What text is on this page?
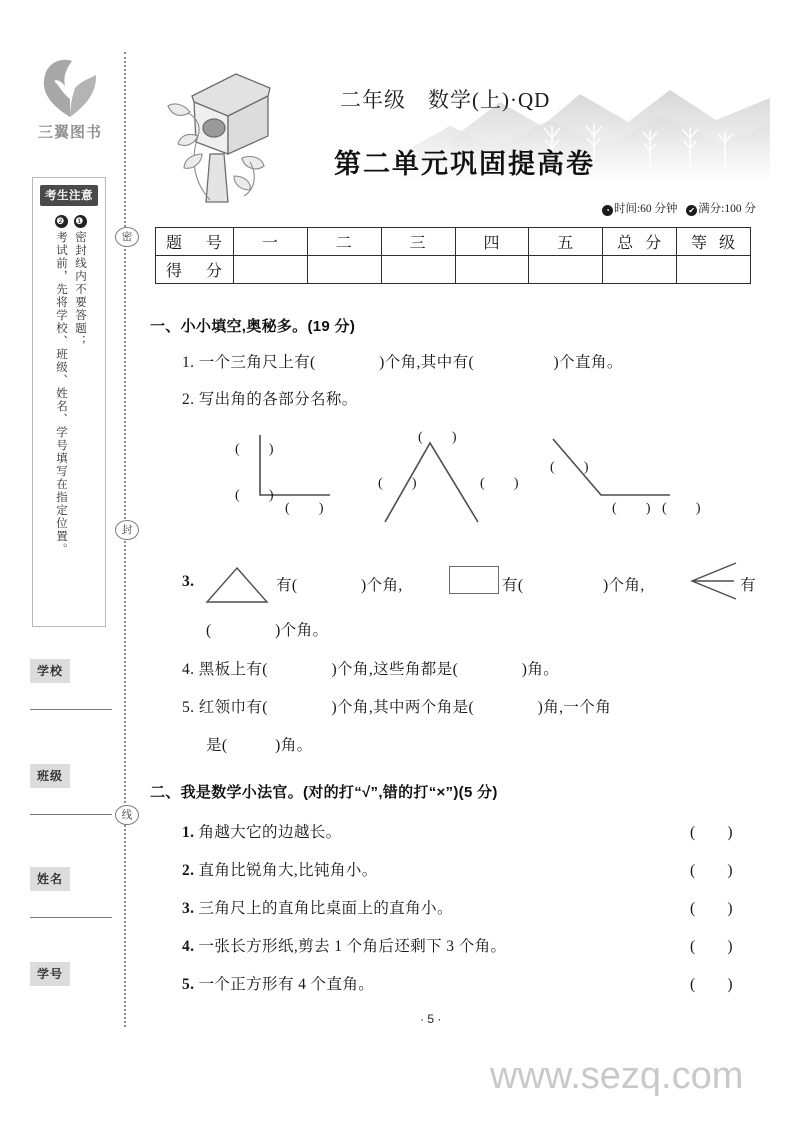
三翼图书
考生注意
❶密封线内不要答题；
❷考试前，先将学校、班级、姓名、学号填写在指定位置。
学校
班级
姓名
学号
密
封
线
二年级　数学(上)·QD
第二单元巩固提高卷
◔ 时间:60 分钟 ✔ 满分:100 分
题　号	一	二	三	四	五	总 分	等 级
得　分							
一、小小填空,奥秘多。(19 分)
1. 一个三角尺上有(　　　　)个角,其中有(　　　　　)个直角。
2. 写出角的各部分名称。
(　　)
(　　)
(　　)
(　　)
(　　)	(　　)
(　　)
(　　) (　　)
3.	有(　　　　)个角,	有(　　　　　)个角,	有
(　　　　)个角。
4. 黑板上有(　　　　)个角,这些角都是(　　　　)角。
5. 红领巾有(　　　　)个角,其中两个角是(　　　　)角,一个角
是(　　　)角。
二、我是数学小法官。(对的打“√”,错的打“×”)(5 分)
1. 角越大它的边越长。	(　　)
2. 直角比锐角大,比钝角小。	(　　)
3. 三角尺上的直角比桌面上的直角小。	(　　)
4. 一张长方形纸,剪去 1 个角后还剩下 3 个角。	(　　)
5. 一个正方形有 4 个直角。	(　　)
· 5 ·
www.sezq.com
